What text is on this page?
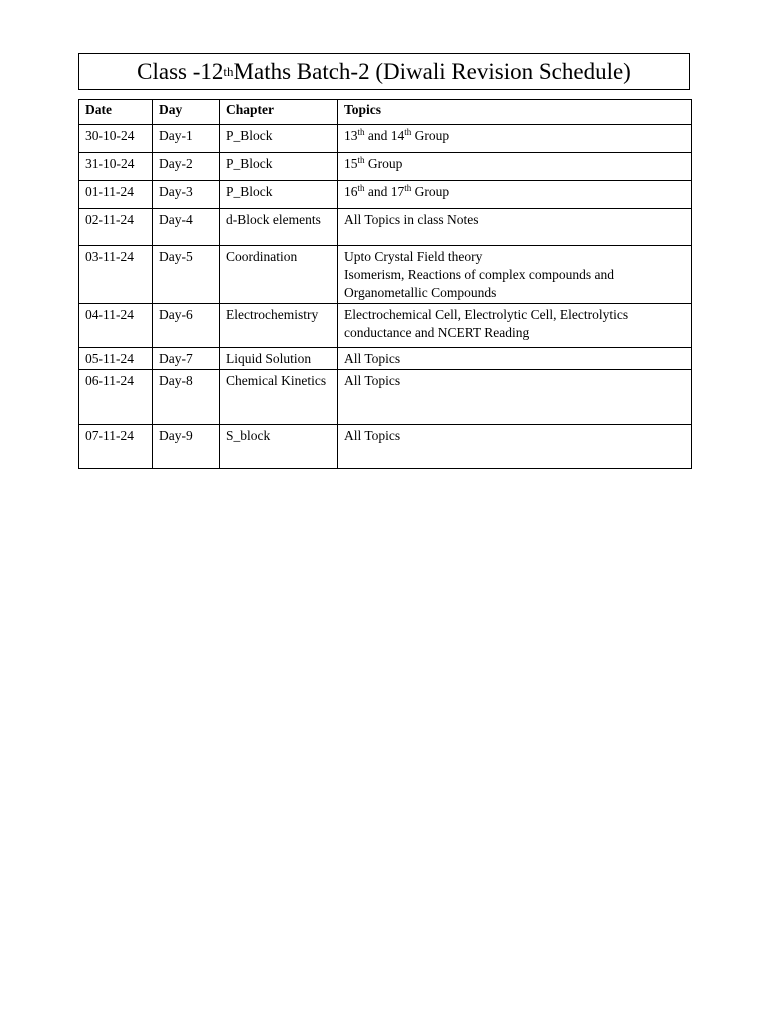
Class -12 th Maths Batch-2 (Diwali Revision Schedule)
Date	Day	Chapter	Topics
30-10-24	Day-1	P_Block	13th and 14th Group
31-10-24	Day-2	P_Block	15th Group
01-11-24	Day-3	P_Block	16th and 17th Group
02-11-24	Day-4	d-Block elements	All Topics in class Notes
03-11-24	Day-5	Coordination	Upto Crystal Field theory
Isomerism, Reactions of complex compounds and Organometallic Compounds

04-11-24	Day-6	Electrochemistry	Electrochemical Cell, Electrolytic Cell, Electrolytics conductance and NCERT Reading
05-11-24	Day-7	Liquid Solution	All Topics
06-11-24	Day-8	Chemical Kinetics	All Topics
07-11-24	Day-9	S_block	All Topics
